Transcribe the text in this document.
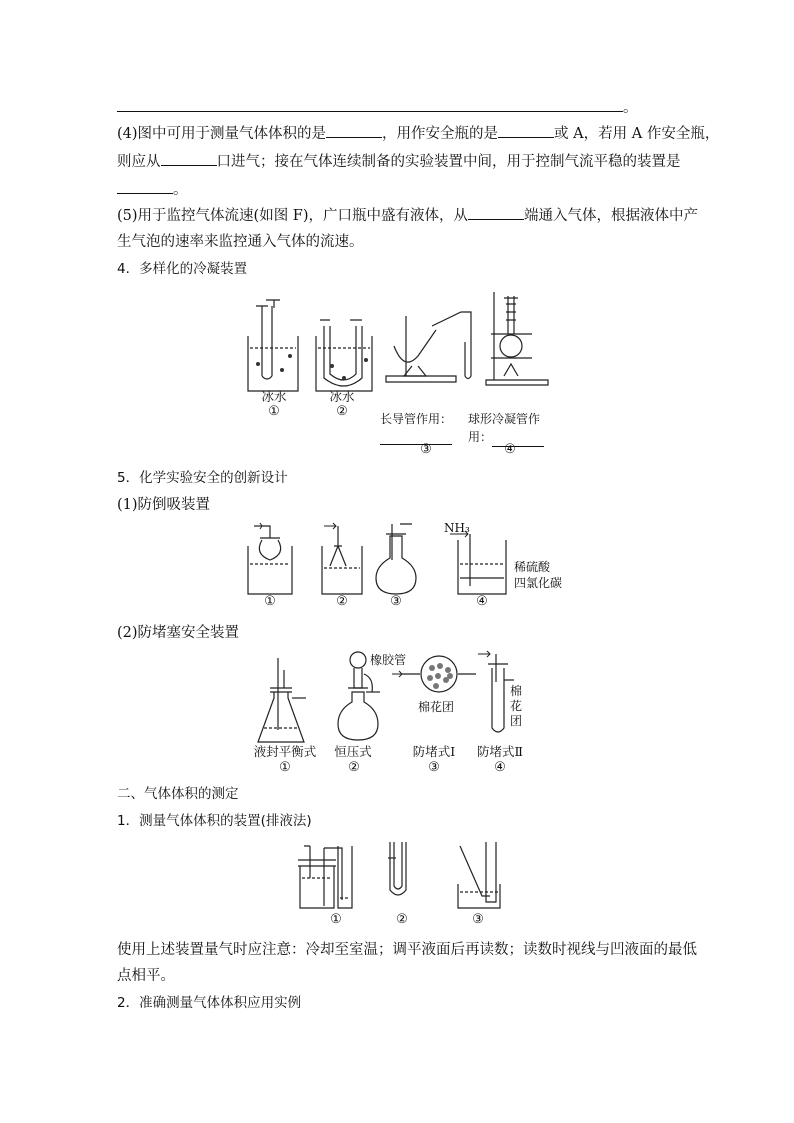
。
(4)图中可用于测量气体体积的是	，用作安全瓶的是	或 A，若用 A 作安全瓶，
则应从	口进气；接在气体连续制备的实验装置中间，用于控制气流平稳的装置是
。
(5)用于监控气体流速(如图 F)，广口瓶中盛有液体，从	端通入气体，根据液体中产
生气泡的速率来监控通入气体的流速。
4．多样化的冷凝装置
冰水
①
冰水
②	长导管作用： 球形冷凝管作
用：
③	④
5．化学实验安全的创新设计
(1)防倒吸装置
NH₃
稀硫酸
四氯化碳
①	②	③	④
(2)防堵塞安全装置
橡胶管
棉花团
棉
花
团
液封平衡式
①
恒压式
②
防堵式Ⅰ
③
防堵式Ⅱ
④
二、气体体积的测定
1．测量气体体积的装置(排液法)
①	②	③
使用上述装置量气时应注意：冷却至室温；调平液面后再读数；读数时视线与凹液面的最低
点相平。
2．准确测量气体体积应用实例
